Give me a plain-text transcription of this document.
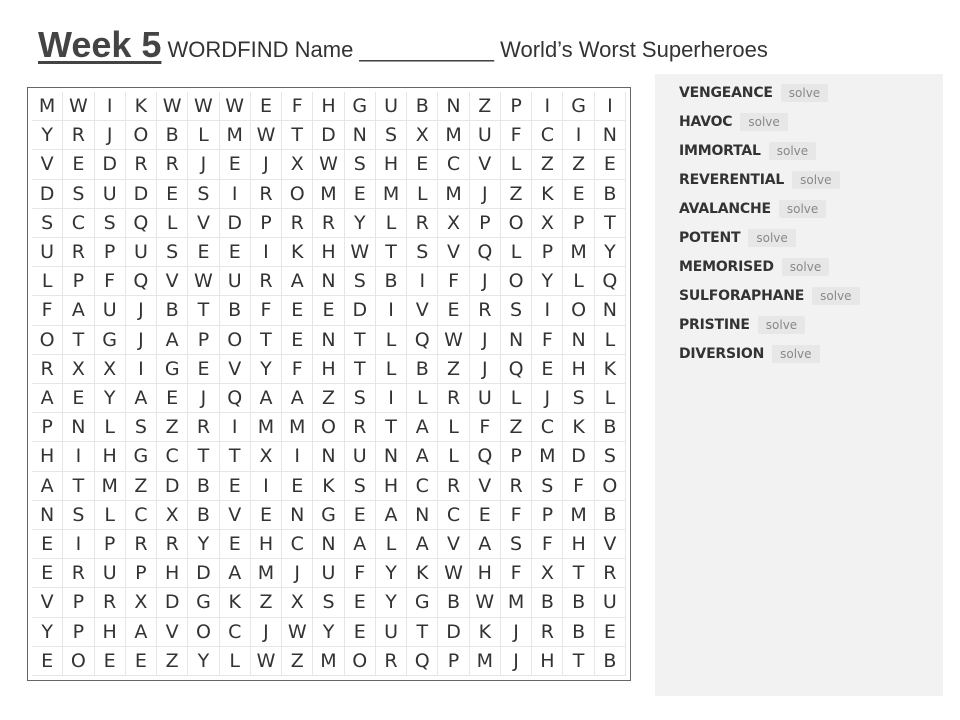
Week 5 WORDFIND Name ___________ World’s Worst Superheroes
M W	I	K W W W E	F H G U B N Z	P	I	G	I
Y R	J	O B	L M W T D N S X M U F	C	I	N
V E D R R	J	E	J	X W S H E C V	L	Z Z E
D S U D E	S	I	R O M E M L M	J	Z K	E B
S C S Q L	V D P R R Y	L	R X	P O X	P	T
U R P U S	E	E	I	K H W T	S V Q L	P M Y
L	P	F Q V W U R A N S B	I	F	J	O Y	L Q
F	A U	J	B T B	F	E	E D	I	V E R S	I	O N
O T G	J	A	P O T	E N T	L Q W	J	N F N L
R X X	I	G E V Y	F H T	L	B Z	J	Q E H K
A E	Y A E	J	Q A A Z S	I	L	R U	L	J	S	L
P N L	S Z R	I	M M O R T A	L	F	Z C K B
H	I	H G C T	T X	I	N U N A	L Q P M D S
A T M Z D B E	I	E	K	S H C R V R S	F O
N S	L	C X B V E N G E A N C E	F	P M B
E	I	P R R Y	E H C N A	L	A V A S	F H V
E R U P H D A M	J	U F	Y	K W H F	X T R
V	P R X D G K Z X S	E	Y G B W M B B U
Y	P H A V O C	J	W Y	E U T D K	J	R B E
E O E	E Z Y	L W Z M O R Q P M	J	H T B
VENGEANCE	solve
HAVOC	solve
IMMORTAL	solve
REVERENTIAL	solve
AVALANCHE	solve
POTENT	solve
MEMORISED	solve
SULFORAPHANE	solve
PRISTINE	solve
DIVERSION	solve
